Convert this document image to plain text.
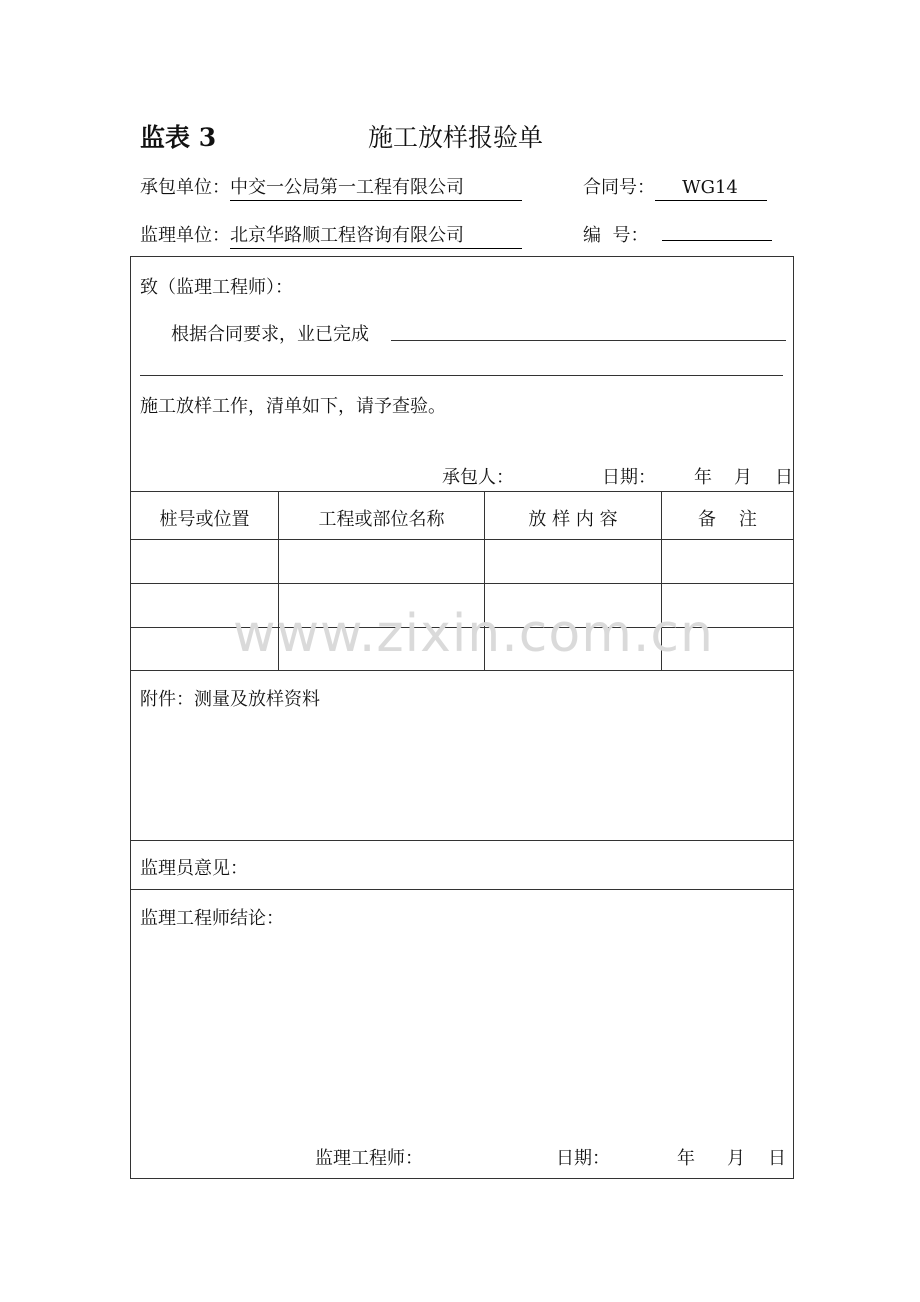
监表 3	施工放样报验单
承包单位：中交一公局第一工程有限公司	合同号： WG14
监理单位：北京华路顺工程咨询有限公司	编  号：
致（监理工程师）：
根据合同要求，业已完成
施工放样工作，清单如下，请予查验。
承包人：	日期： 年 月 日
桩号或位置	工程或部位名称	放 样 内 容	备    注
附件：测量及放样资料
监理员意见：
监理工程师结论：
监理工程师：	日期：	年 月 日
www.zixin.com.cn
